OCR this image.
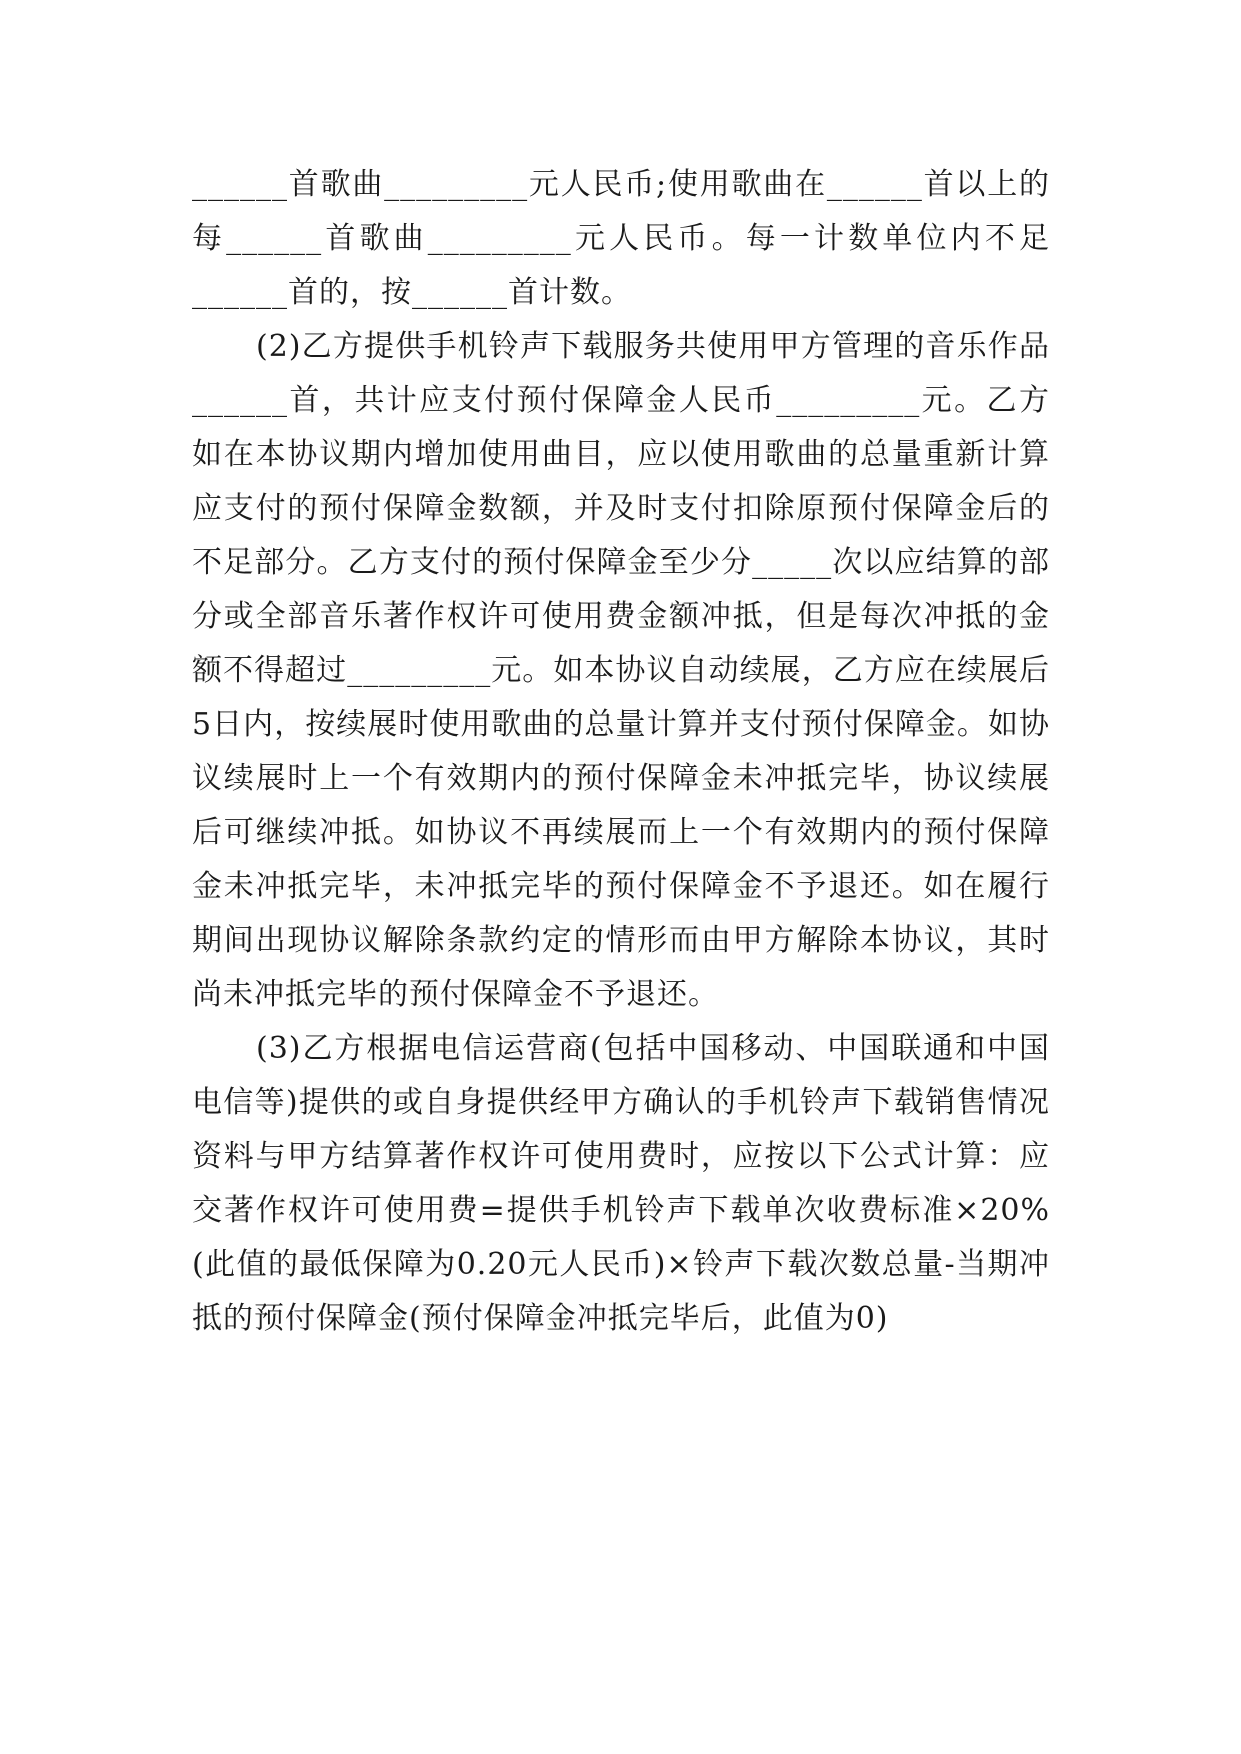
______首歌曲_________元人民币;使用歌曲在______首以上的每______首歌曲_________元人民币。每一计数单位内不足______首的，按______首计数。

(2)乙方提供手机铃声下载服务共使用甲方管理的音乐作品______首，共计应支付预付保障金人民币_________元。乙方如在本协议期内增加使用曲目，应以使用歌曲的总量重新计算应支付的预付保障金数额，并及时支付扣除原预付保障金后的不足部分。乙方支付的预付保障金至少分_____次以应结算的部分或全部音乐著作权许可使用费金额冲抵，但是每次冲抵的金额不得超过_________元。如本协议自动续展，乙方应在续展后5日内，按续展时使用歌曲的总量计算并支付预付保障金。如协议续展时上一个有效期内的预付保障金未冲抵完毕，协议续展后可继续冲抵。如协议不再续展而上一个有效期内的预付保障金未冲抵完毕，未冲抵完毕的预付保障金不予退还。如在履行期间出现协议解除条款约定的情形而由甲方解除本协议，其时尚未冲抵完毕的预付保障金不予退还。

(3)乙方根据电信运营商(包括中国移动、中国联通和中国电信等)提供的或自身提供经甲方确认的手机铃声下载销售情况资料与甲方结算著作权许可使用费时，应按以下公式计算：应交著作权许可使用费=提供手机铃声下载单次收费标准×20%(此值的最低保障为0.20元人民币)×铃声下载次数总量-当期冲抵的预付保障金(预付保障金冲抵完毕后，此值为0)
